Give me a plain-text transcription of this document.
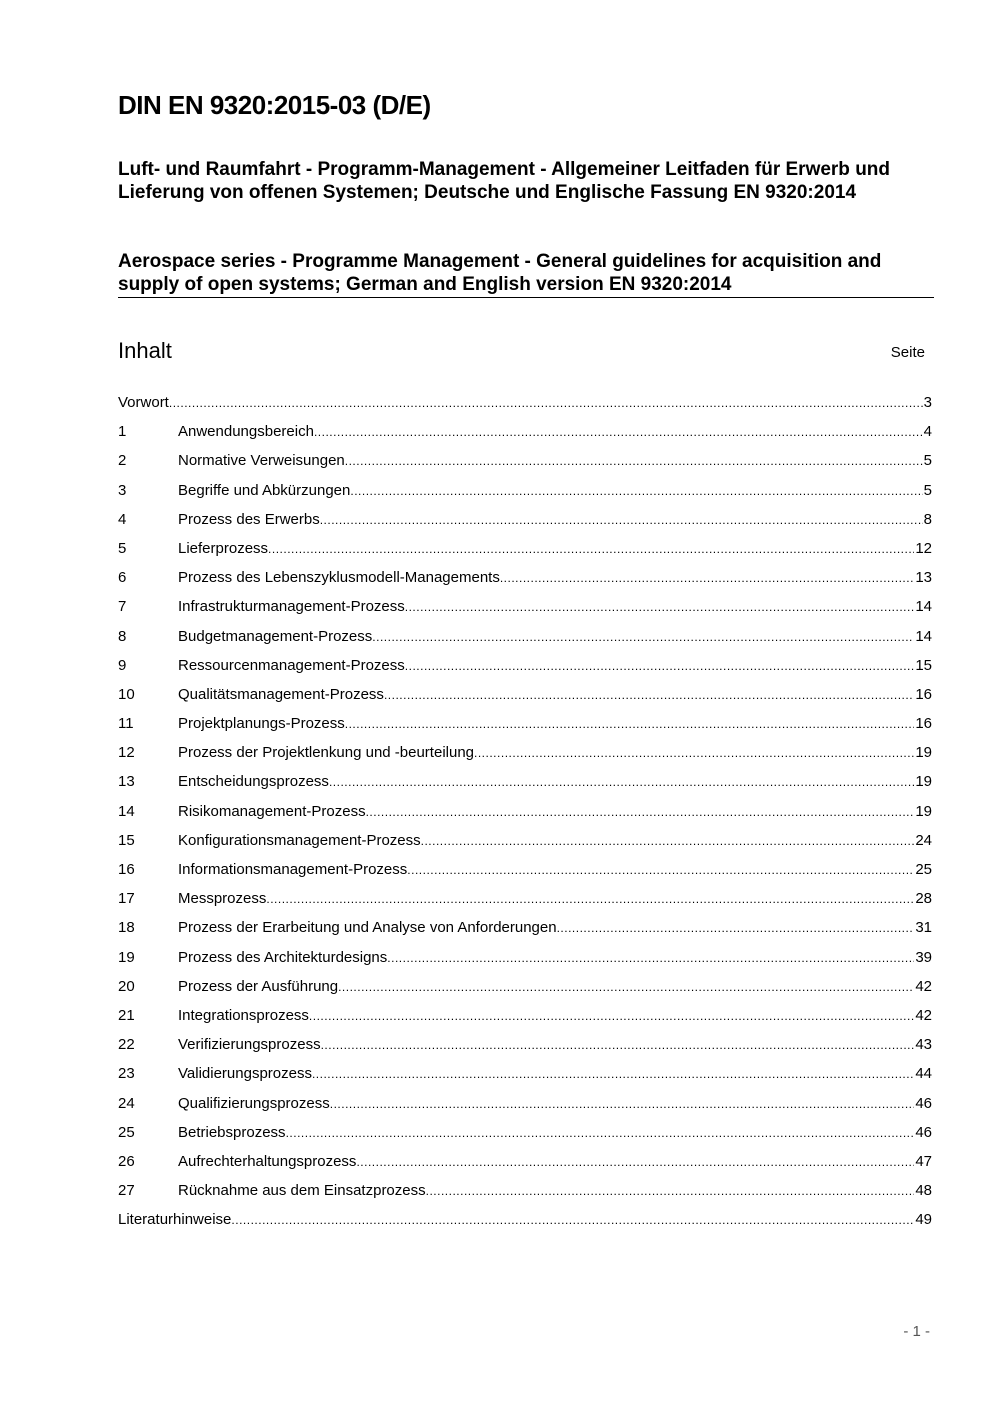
DIN EN 9320:2015-03 (D/E)
Luft- und Raumfahrt - Programm-Management - Allgemeiner Leitfaden für Erwerb und Lieferung von offenen Systemen; Deutsche und Englische Fassung EN 9320:2014
Aerospace series - Programme Management - General guidelines for acquisition and supply of open systems; German and English version EN 9320:2014
Inhalt	Seite
Vorwort .....	3
1	Anwendungsbereich .....	4
2	Normative Verweisungen .....	5
3	Begriffe und Abkürzungen .....	5
4	Prozess des Erwerbs .....	8
5	Lieferprozess .....	12
6	Prozess des Lebenszyklusmodell-Managements .....	13
7	Infrastrukturmanagement-Prozess .....	14
8	Budgetmanagement-Prozess .....	14
9	Ressourcenmanagement-Prozess .....	15
10	Qualitätsmanagement-Prozess .....	16
11	Projektplanungs-Prozess .....	16
12	Prozess der Projektlenkung und -beurteilung .....	19
13	Entscheidungsprozess .....	19
14	Risikomanagement-Prozess .....	19
15	Konfigurationsmanagement-Prozess .....	24
16	Informationsmanagement-Prozess .....	25
17	Messprozess .....	28
18	Prozess der Erarbeitung und Analyse von Anforderungen .....	31
19	Prozess des Architekturdesigns .....	39
20	Prozess der Ausführung .....	42
21	Integrationsprozess .....	42
22	Verifizierungsprozess .....	43
23	Validierungsprozess .....	44
24	Qualifizierungsprozess .....	46
25	Betriebsprozess .....	46
26	Aufrechterhaltungsprozess .....	47
27	Rücknahme aus dem Einsatzprozess .....	48
Literaturhinweise .....	49
- 1 -
